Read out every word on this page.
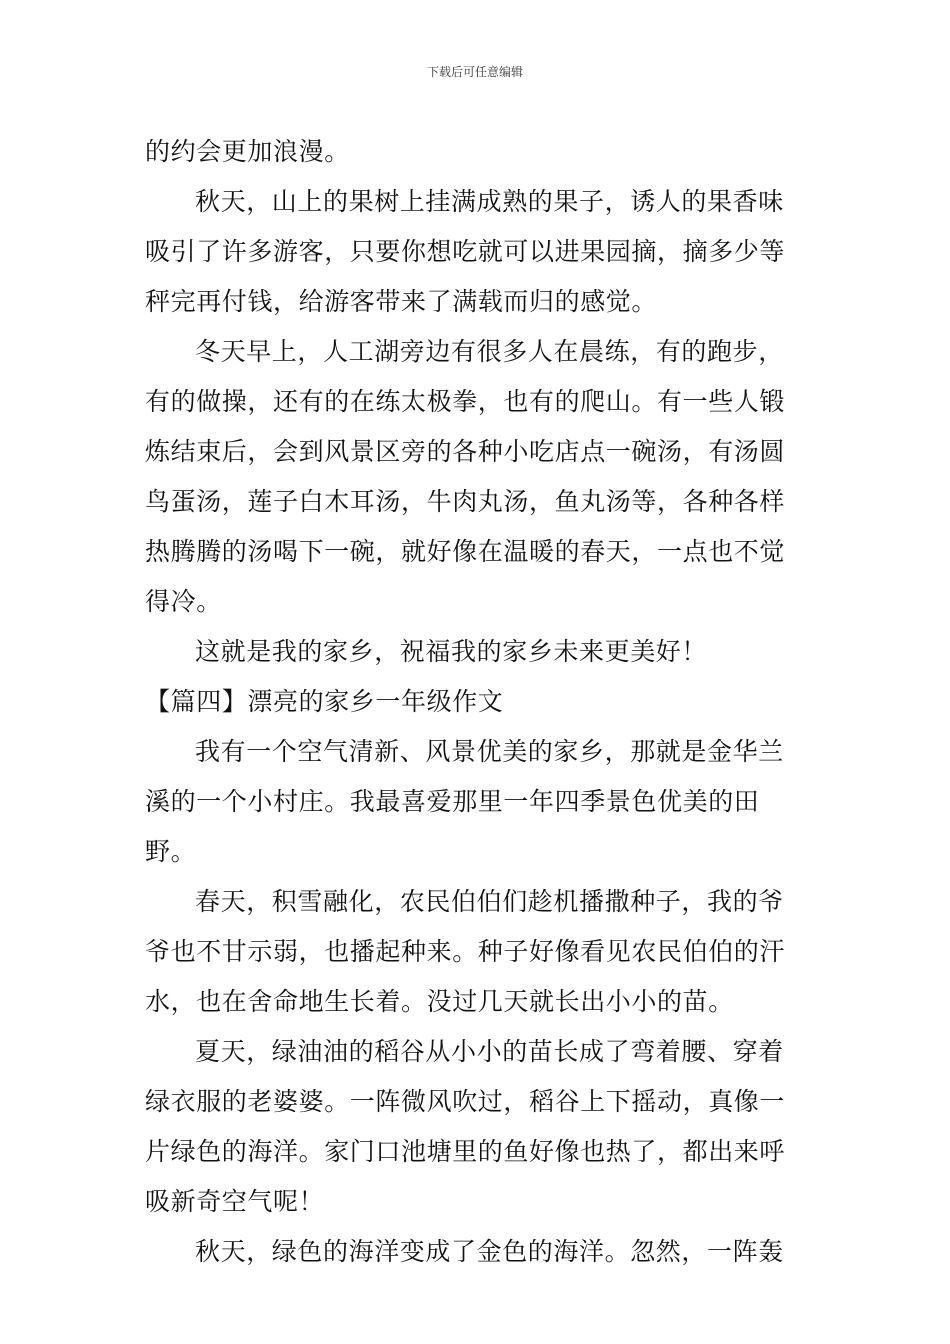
下载后可任意编辑
的约会更加浪漫。
秋天，山上的果树上挂满成熟的果子，诱人的果香味
吸引了许多游客，只要你想吃就可以进果园摘，摘多少等
秤完再付钱，给游客带来了满载而归的感觉。
冬天早上，人工湖旁边有很多人在晨练，有的跑步，
有的做操，还有的在练太极拳，也有的爬山。有一些人锻
炼结束后，会到风景区旁的各种小吃店点一碗汤，有汤圆
鸟蛋汤，莲子白木耳汤，牛肉丸汤，鱼丸汤等，各种各样
热腾腾的汤喝下一碗，就好像在温暖的春天，一点也不觉
得冷。
这就是我的家乡，祝福我的家乡未来更美好！
【篇四】漂亮的家乡一年级作文
我有一个空气清新、风景优美的家乡，那就是金华兰
溪的一个小村庄。我最喜爱那里一年四季景色优美的田野。
春天，积雪融化，农民伯伯们趁机播撒种子，我的爷
爷也不甘示弱，也播起种来。种子好像看见农民伯伯的汗
水，也在舍命地生长着。没过几天就长出小小的苗。
夏天，绿油油的稻谷从小小的苗长成了弯着腰、穿着
绿衣服的老婆婆。一阵微风吹过，稻谷上下摇动，真像一
片绿色的海洋。家门口池塘里的鱼好像也热了，都出来呼
吸新奇空气呢！
秋天，绿色的海洋变成了金色的海洋。忽然，一阵轰
